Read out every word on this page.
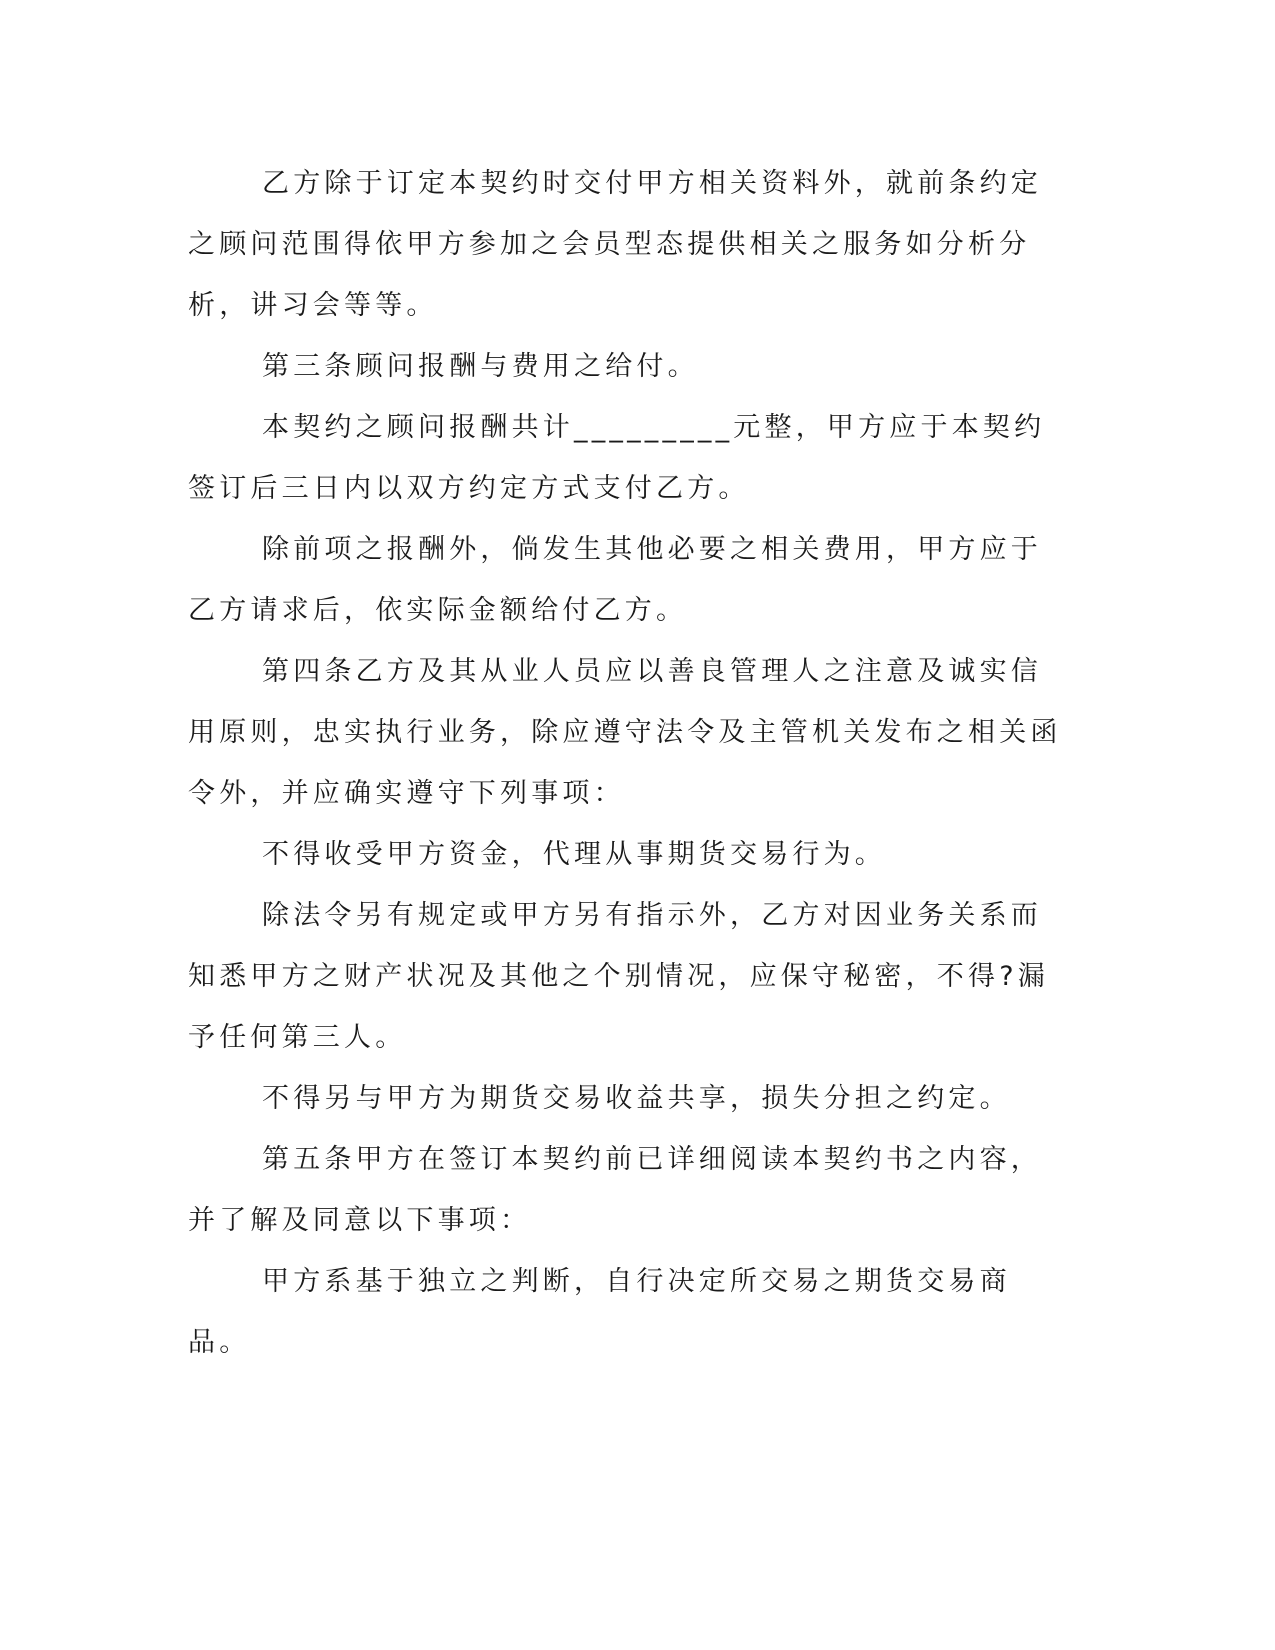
乙方除于订定本契约时交付甲方相关资料外，就前条约定之顾问范围得依甲方参加之会员型态提供相关之服务如分析分析，讲习会等等。

第三条顾问报酬与费用之给付。

本契约之顾问报酬共计_________元整，甲方应于本契约签订后三日内以双方约定方式支付乙方。

除前项之报酬外，倘发生其他必要之相关费用，甲方应于乙方请求后，依实际金额给付乙方。

第四条乙方及其从业人员应以善良管理人之注意及诚实信用原则，忠实执行业务，除应遵守法令及主管机关发布之相关函令外，并应确实遵守下列事项：

不得收受甲方资金，代理从事期货交易行为。

除法令另有规定或甲方另有指示外，乙方对因业务关系而知悉甲方之财产状况及其他之个别情况，应保守秘密，不得?漏予任何第三人。

不得另与甲方为期货交易收益共享，损失分担之约定。

第五条甲方在签订本契约前已详细阅读本契约书之内容，并了解及同意以下事项：

甲方系基于独立之判断，自行决定所交易之期货交易商品。
